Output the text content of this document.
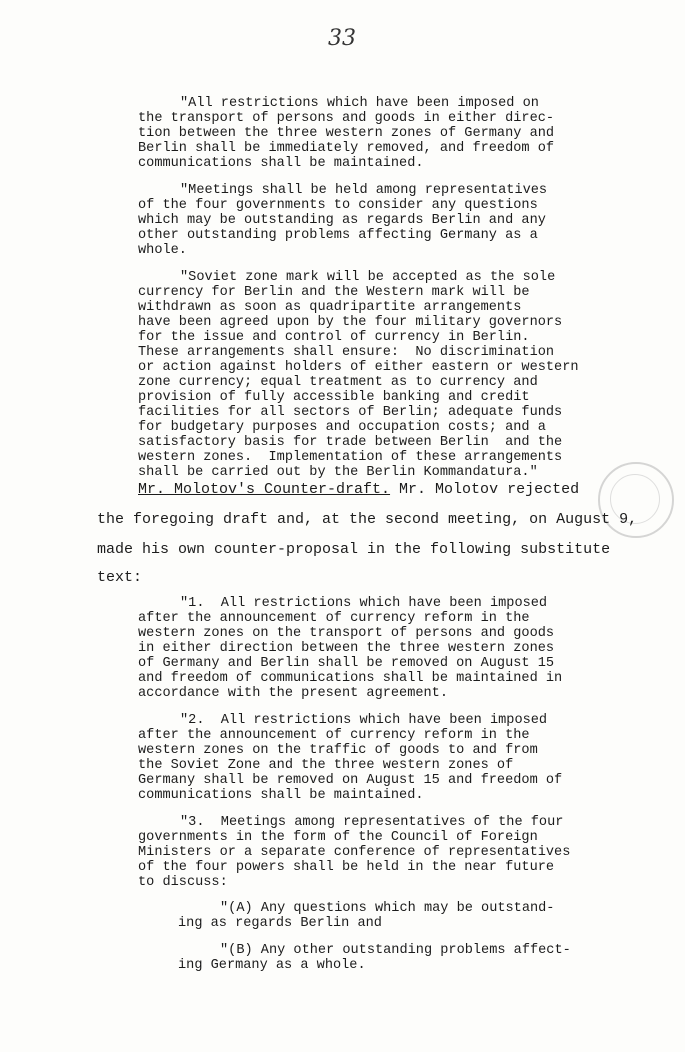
33
"All restrictions which have been imposed on
the transport of persons and goods in either direc-
tion between the three western zones of Germany and
Berlin shall be immediately removed, and freedom of
communications shall be maintained.
"Meetings shall be held among representatives
of the four governments to consider any questions
which may be outstanding as regards Berlin and any
other outstanding problems affecting Germany as a
whole.
"Soviet zone mark will be accepted as the sole
currency for Berlin and the Western mark will be
withdrawn as soon as quadripartite arrangements
have been agreed upon by the four military governors
for the issue and control of currency in Berlin.
These arrangements shall ensure:  No discrimination
or action against holders of either eastern or western
zone currency; equal treatment as to currency and
provision of fully accessible banking and credit
facilities for all sectors of Berlin; adequate funds
for budgetary purposes and occupation costs; and a
satisfactory basis for trade between Berlin  and the
western zones.  Implementation of these arrangements
shall be carried out by the Berlin Kommandatura."
Mr. Molotov's Counter-draft. Mr. Molotov rejected
the foregoing draft and, at the second meeting, on August 9,
made his own counter-proposal in the following substitute
text:
"1.  All restrictions which have been imposed
after the announcement of currency reform in the
western zones on the transport of persons and goods
in either direction between the three western zones
of Germany and Berlin shall be removed on August 15
and freedom of communications shall be maintained in
accordance with the present agreement.
"2.  All restrictions which have been imposed
after the announcement of currency reform in the
western zones on the traffic of goods to and from
the Soviet Zone and the three western zones of
Germany shall be removed on August 15 and freedom of
communications shall be maintained.
"3.  Meetings among representatives of the four
governments in the form of the Council of Foreign
Ministers or a separate conference of representatives
of the four powers shall be held in the near future
to discuss:
"(A) Any questions which may be outstand-
ing as regards Berlin and
"(B) Any other outstanding problems affect-
ing Germany as a whole.
